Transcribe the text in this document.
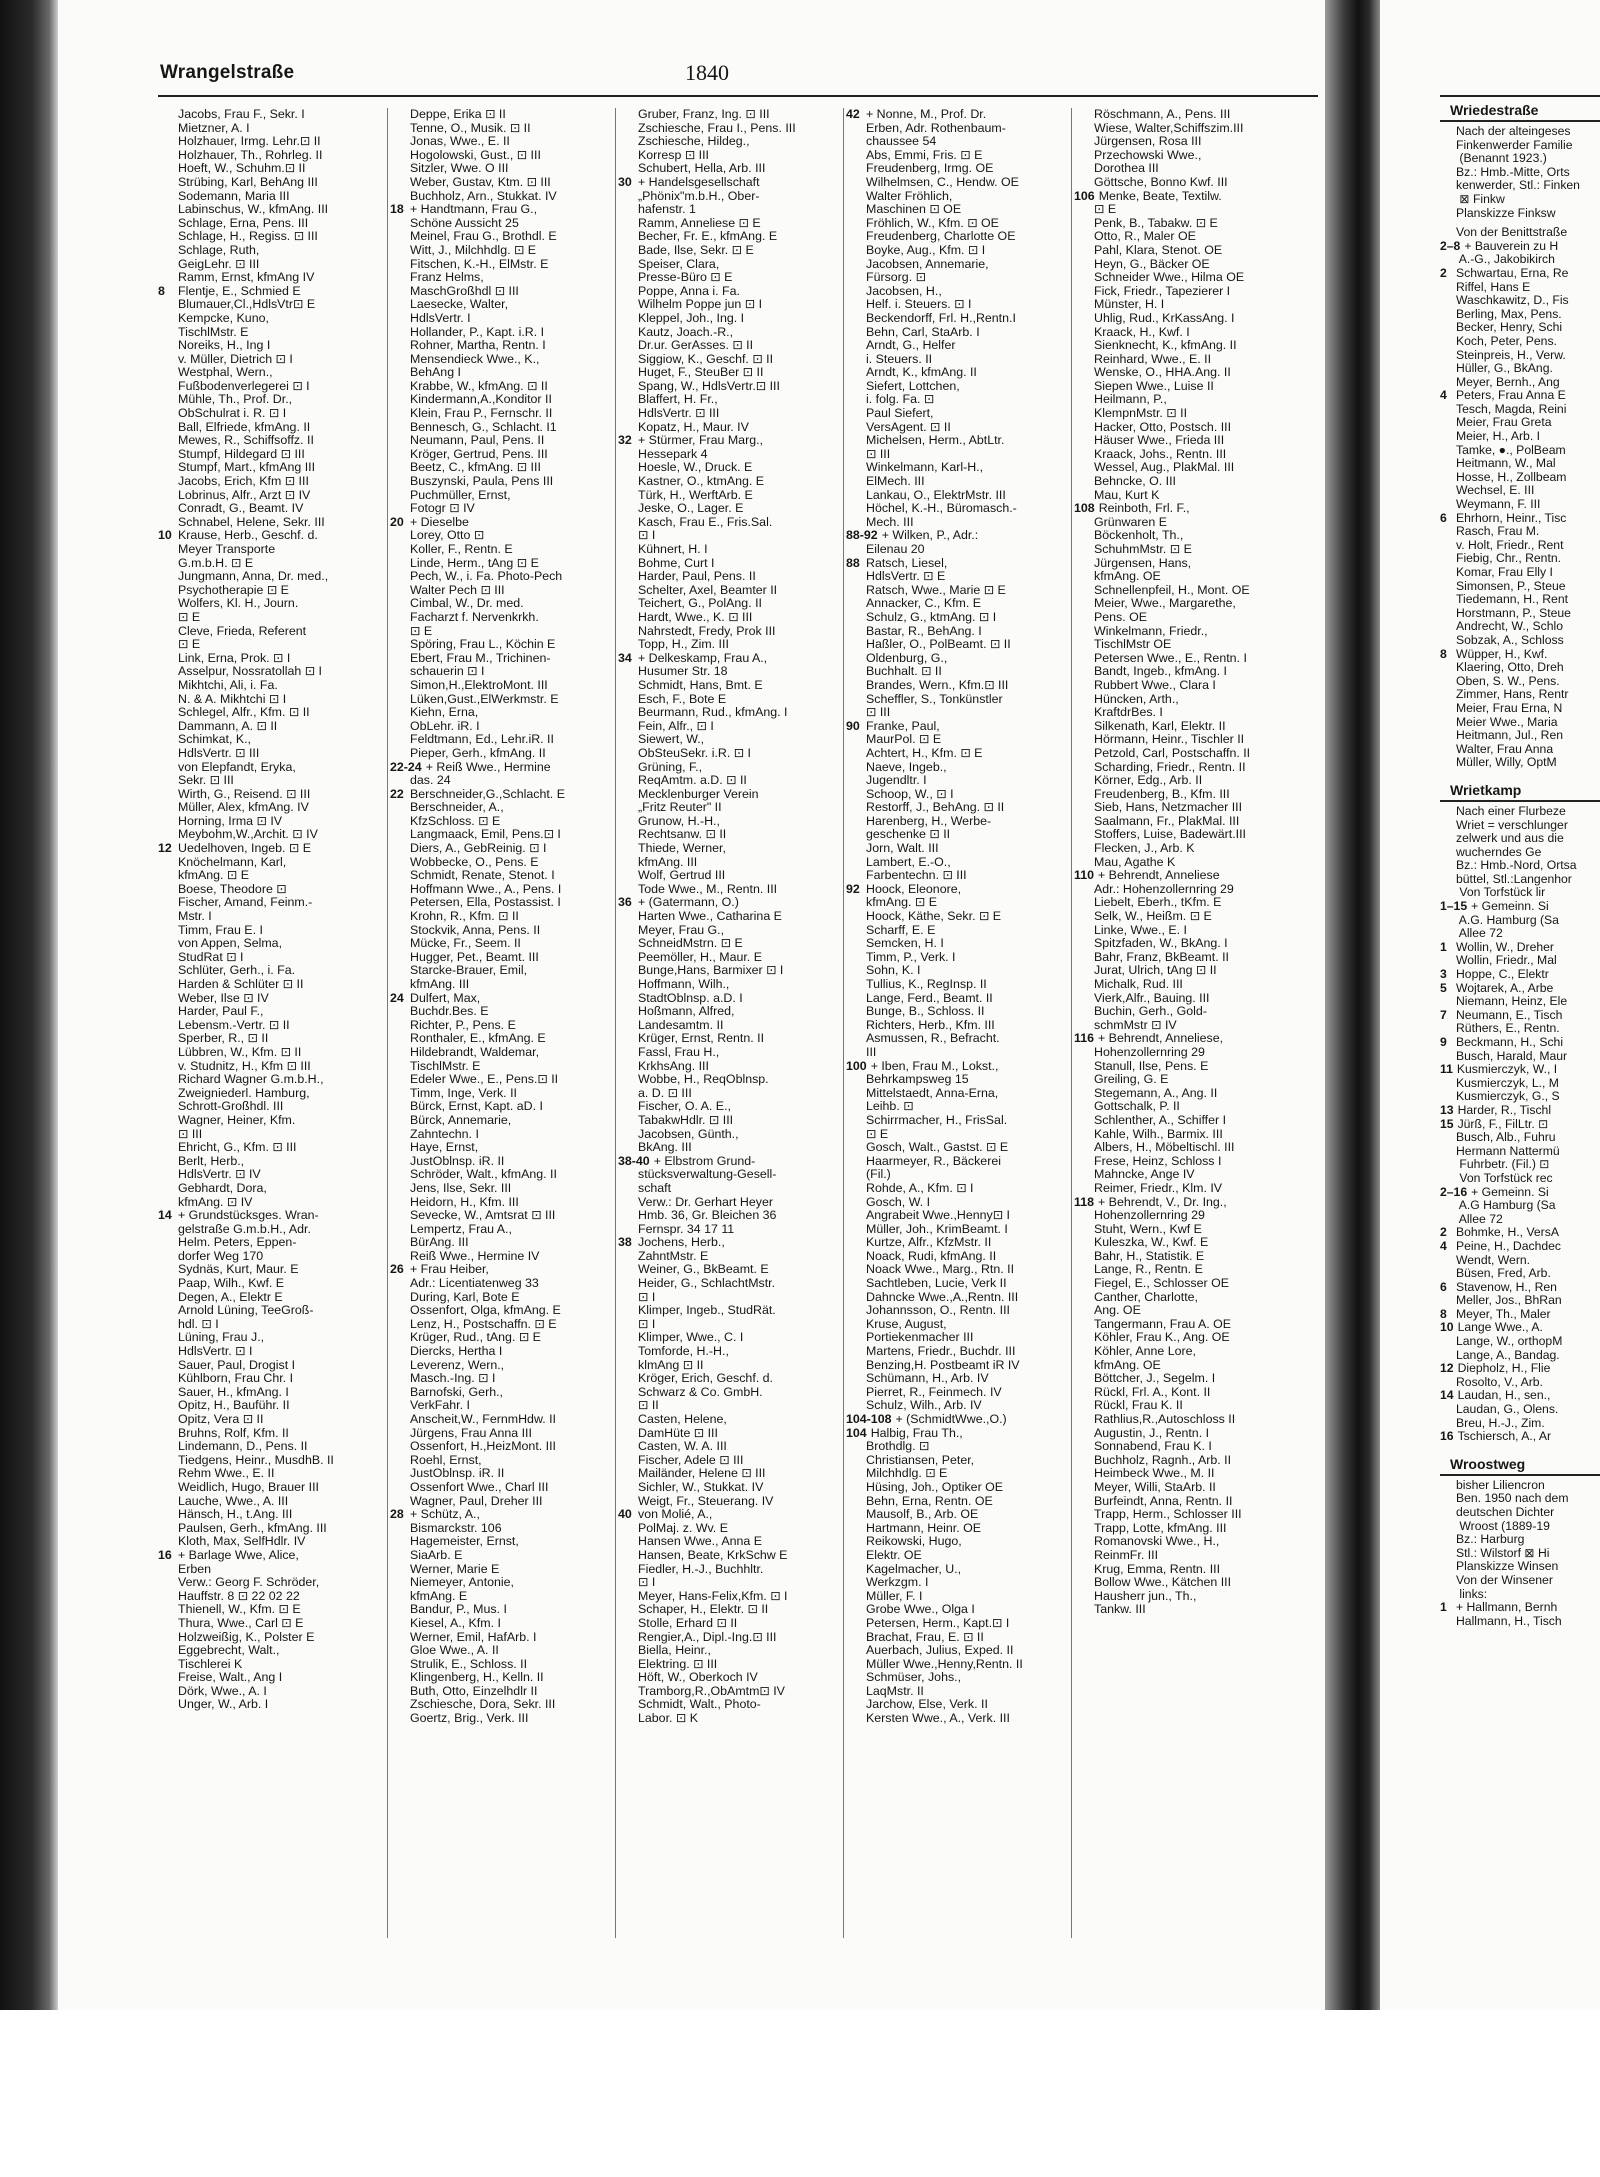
Wriedestraße
Nach der alteingeses
Finkenwerder Familie
(Benannt 1923.)
Bz.: Hmb.-Mitte, Orts
kenwerder, Stl.: Finken
⊠ Finkw
Planskizze Finksw
Von der Benittstraße
2–8 + Bauverein zu H
A.-G., Jakobikirch
2 Schwartau, Erna, Re
Riffel, Hans E
Waschkawitz, D., Fis
Berling, Max, Pens.
Becker, Henry, Schi
Koch, Peter, Pens.
Steinpreis, H., Verw.
Hüller, G., BkAng.
Meyer, Bernh., Ang
4 Peters, Frau Anna E
Tesch, Magda, Reini
Meier, Frau Greta
Meier, H., Arb. I
Tamke, ●., PolBeam
Heitmann, W., Mal
Hosse, H., Zollbeam
Wechsel, E. III
Weymann, F. III
6 Ehrhorn, Heinr., Tisc
Rasch, Frau M.
v. Holt, Friedr., Rent
Fiebig, Chr., Rentn.
Komar, Frau Elly I
Simonsen, P., Steue
Tiedemann, H., Rent
Horstmann, P., Steue
Andrecht, W., Schlo
Sobzak, A., Schloss
8 Wüpper, H., Kwf.
Klaering, Otto, Dreh
Oben, S. W., Pens.
Zimmer, Hans, Rentr
Meier, Frau Erna, N
Meier Wwe., Maria
Heitmann, Jul., Ren
Walter, Frau Anna
Müller, Willy, OptM
Wrietkamp
Nach einer Flurbeze
Wriet = verschlunger
zelwerk und aus die
wucherndes Ge
Bz.: Hmb.-Nord, Ortsa
büttel, Stl.:Langenhor
Von Torfstück lir
1–15 + Gemeinn. Si
A.G. Hamburg (Sa
Allee 72
1 Wollin, W., Dreher
Wollin, Friedr., Mal
3 Hoppe, C., Elektr
5 Wojtarek, A., Arbe
Niemann, Heinz, Ele
7 Neumann, E., Tisch
Rüthers, E., Rentn.
9 Beckmann, H., Schi
Busch, Harald, Maur
11 Kusmierczyk, W., I
Kusmierczyk, L., M
Kusmierczyk, G., S
13 Harder, R., Tischl
15 Jürß, F., FilLtr. ⊡
Busch, Alb., Fuhru
Hermann Nattermü
Fuhrbetr. (Fil.) ⊡
Von Torfstück rec
2–16 + Gemeinn. Si
A.G Hamburg (Sa
Allee 72
2 Bohmke, H., VersA
4 Peine, H., Dachdec
Wendt, Wern.
Büsen, Fred, Arb.
6 Stavenow, H., Ren
Meller, Jos., BhRan
8 Meyer, Th., Maler
10 Lange Wwe., A.
Lange, W., orthopM
Lange, A., Bandag.
12 Diepholz, H., Flie
Rosolto, V., Arb.
14 Laudan, H., sen.,
Laudan, G., Olens.
Breu, H.-J., Zim.
16 Tschiersch, A., Ar
Wroostweg
bisher Liliencron
Ben. 1950 nach dem
deutschen Dichter
Wroost (1889-19
Bz.: Harburg
Stl.: Wilstorf ⊠ Hi
Planskizze Winsen
Von der Winsener
links:
1 + Hallmann, Bernh
Hallmann, H., Tisch
Wrangelstraße	1840
Jacobs, Frau F., Sekr. I
Mietzner, A. I
Holzhauer, Irmg. Lehr.⊡ II
Holzhauer, Th., Rohrleg. II
Hoeft, W., Schuhm.⊡ II
Strübing, Karl, BehAng III
Sodemann, Maria III
Labinschus, W., kfmAng. III
Schlage, Erna, Pens. III
Schlage, H., Regiss. ⊡ III
Schlage, Ruth,
GeigLehr. ⊡ III
Ramm, Ernst, kfmAng IV
8	Flentje, E., Schmied E
Blumauer,Cl.,HdlsVtr⊡ E
Kempcke, Kuno,
TischlMstr. E
Noreiks, H., Ing I
v. Müller, Dietrich ⊡ I
Westphal, Wern.,
Fußbodenverlegerei ⊡ I
Mühle, Th., Prof. Dr.,
ObSchulrat i. R. ⊡ I
Ball, Elfriede, kfmAng. II
Mewes, R., Schiffsoffz. II
Stumpf, Hildegard ⊡ III
Stumpf, Mart., kfmAng III
Jacobs, Erich, Kfm ⊡ III
Lobrinus, Alfr., Arzt ⊡ IV
Conradt, G., Beamt. IV
Schnabel, Helene, Sekr. III
10 Krause, Herb., Geschf. d.
Meyer Transporte
G.m.b.H. ⊡ E
Jungmann, Anna, Dr. med.,
Psychotherapie ⊡ E
Wolfers, Kl. H., Journ.
⊡ E
Cleve, Frieda, Referent
⊡ E
Link, Erna, Prok. ⊡ I
Asselpur, Nossratollah ⊡ I
Mikhtchi, Ali, i. Fa.
N. & A. Mikhtchi ⊡ I
Schlegel, Alfr., Kfm. ⊡ II
Dammann, A. ⊡ II
Schimkat, K.,
HdlsVertr. ⊡ III
von Elepfandt, Eryka,
Sekr. ⊡ III
Wirth, G., Reisend. ⊡ III
Müller, Alex, kfmAng. IV
Horning, Irma ⊡ IV
Meybohm,W.,Archit. ⊡ IV
12 Uedelhoven, Ingeb. ⊡ E
Knöchelmann, Karl,
kfmAng. ⊡ E
Boese, Theodore ⊡
Fischer, Amand, Feinm.-
Mstr. I
Timm, Frau E. I
von Appen, Selma,
StudRat ⊡ I
Schlüter, Gerh., i. Fa.
Harden & Schlüter ⊡ II
Weber, Ilse ⊡ IV
Harder, Paul F.,
Lebensm.-Vertr. ⊡ II
Sperber, R., ⊡ II
Lübbren, W., Kfm. ⊡ II
v. Studnitz, H., Kfm ⊡ III
Richard Wagner G.m.b.H.,
Zweigniederl. Hamburg,
Schrott-Großhdl. III
Wagner, Heiner, Kfm.
⊡ III
Ehricht, G., Kfm. ⊡ III
Berlt, Herb.,
HdlsVertr. ⊡ IV
Gebhardt, Dora,
kfmAng. ⊡ IV
14 + Grundstücksges. Wran-
gelstraße G.m.b.H., Adr.
Helm. Peters, Eppen-
dorfer Weg 170
Sydnäs, Kurt, Maur. E
Paap, Wilh., Kwf. E
Degen, A., Elektr E
Arnold Lüning, TeeGroß-
hdl. ⊡ I
Lüning, Frau J.,
HdlsVertr. ⊡ I
Sauer, Paul, Drogist I
Kühlborn, Frau Chr. I
Sauer, H., kfmAng. I
Opitz, H., Bauführ. II
Opitz, Vera ⊡ II
Bruhns, Rolf, Kfm. II
Lindemann, D., Pens. II
Tiedgens, Heinr., MusdhB. II
Rehm Wwe., E. II
Weidlich, Hugo, Brauer III
Lauche, Wwe., A. III
Hänsch, H., t.Ang. III
Paulsen, Gerh., kfmAng. III
Kloth, Max, SelfHdlr. IV
16 + Barlage Wwe, Alice,
Erben
Verw.: Georg F. Schröder,
Hauffstr. 8 ⊡ 22 02 22
Thienell, W., Kfm. ⊡ E
Thura, Wwe., Carl ⊡ E
Holzweißig, K., Polster E
Eggebrecht, Walt.,
Tischlerei K
Freise, Walt., Ang I
Dörk, Wwe., A. I
Unger, W., Arb. I
Deppe, Erika ⊡ II
Tenne, O., Musik. ⊡ II
Jonas, Wwe., E. II
Hogolowski, Gust., ⊡ III
Sitzler, Wwe. O III
Weber, Gustav, Ktm. ⊡ III
Buchholz, Arn., Stukkat. IV
18 + Handtmann, Frau G.,
Schöne Aussicht 25
Meinel, Frau G., Brothdl. E
Witt, J., Milchhdlg. ⊡ E
Fitschen, K.-H., ElMstr. E
Franz Helms,
MaschGroßhdl ⊡ III
Laesecke, Walter,
HdlsVertr. I
Hollander, P., Kapt. i.R. I
Rohner, Martha, Rentn. I
Mensendieck Wwe., K.,
BehAng I
Krabbe, W., kfmAng. ⊡ II
Kindermann,A.,Konditor II
Klein, Frau P., Fernschr. II
Bennesch, G., Schlacht. I1
Neumann, Paul, Pens. II
Kröger, Gertrud, Pens. III
Beetz, C., kfmAng. ⊡ III
Buszynski, Paula, Pens III
Puchmüller, Ernst,
Fotogr ⊡ IV
20 + Dieselbe
Lorey, Otto ⊡
Koller, F., Rentn. E
Linde, Herm., tAng ⊡ E
Pech, W., i. Fa. Photo-Pech
Walter Pech ⊡ III
Cimbal, W., Dr. med.
Facharzt f. Nervenkrkh.
⊡ E
Spöring, Frau L., Köchin E
Ebert, Frau M., Trichinen-
schauerin ⊡ I
Simon,H.,ElektroMont. III
Lüken,Gust.,ElWerkmstr. E
Kiehn, Erna,
ObLehr. iR. I
Feldtmann, Ed., Lehr.iR. II
Pieper, Gerh., kfmAng. II
22-24 + Reiß Wwe., Hermine
das. 24
22 Berschneider,G.,Schlacht. E
Berschneider, A.,
KfzSchloss. ⊡ E
Langmaack, Emil, Pens.⊡ I
Diers, A., GebReinig. ⊡ I
Wobbecke, O., Pens. E
Schmidt, Renate, Stenot. I
Hoffmann Wwe., A., Pens. I
Petersen, Ella, Postassist. I
Krohn, R., Kfm. ⊡ II
Stockvik, Anna, Pens. II
Mücke, Fr., Seem. II
Hugger, Pet., Beamt. III
Starcke-Brauer, Emil,
kfmAng. III
24 Dulfert, Max,
Buchdr.Bes. E
Richter, P., Pens. E
Ronthaler, E., kfmAng. E
Hildebrandt, Waldemar,
TischlMstr. E
Edeler Wwe., E., Pens.⊡ II
Timm, Inge, Verk. II
Bürck, Ernst, Kapt. aD. I
Bürck, Annemarie,
Zahntechn. I
Haye, Ernst,
JustOblnsp. iR. II
Schröder, Walt., kfmAng. II
Jens, Ilse, Sekr. III
Heidorn, H., Kfm. III
Sevecke, W., Amtsrat ⊡ III
Lempertz, Frau A.,
BürAng. III
Reiß Wwe., Hermine IV
26 + Frau Heiber,
Adr.: Licentiatenweg 33
During, Karl, Bote E
Ossenfort, Olga, kfmAng. E
Lenz, H., Postschaffn. ⊡ E
Krüger, Rud., tAng. ⊡ E
Diercks, Hertha I
Leverenz, Wern.,
Masch.-Ing. ⊡ I
Barnofski, Gerh.,
VerkFahr. I
Anscheit,W., FernmHdw. II
Jürgens, Frau Anna III
Ossenfort, H.,HeizMont. III
Roehl, Ernst,
JustOblnsp. iR. II
Ossenfort Wwe., Charl III
Wagner, Paul, Dreher III
28 + Schütz, A.,
Bismarckstr. 106
Hagemeister, Ernst,
SiaArb. E
Werner, Marie E
Niemeyer, Antonie,
kfmAng. E
Bandur, P., Mus. I
Kiesel, A., Kfm. I
Werner, Emil, HafArb. I
Gloe Wwe., A. II
Strulik, E., Schloss. II
Klingenberg, H., Kelln. II
Buth, Otto, Einzelhdlr II
Zschiesche, Dora, Sekr. III
Goertz, Brig., Verk. III
Gruber, Franz, Ing. ⊡ III
Zschiesche, Frau I., Pens. III
Zschiesche, Hildeg.,
Korresp ⊡ III
Schubert, Hella, Arb. III
30 + Handelsgesellschaft
„Phönix"m.b.H., Ober-
hafenstr. 1
Ramm, Anneliese ⊡ E
Becher, Fr. E., kfmAng. E
Bade, Ilse, Sekr. ⊡ E
Speiser, Clara,
Presse-Büro ⊡ E
Poppe, Anna i. Fa.
Wilhelm Poppe jun ⊡ I
Kleppel, Joh., Ing. I
Kautz, Joach.-R.,
Dr.ur. GerAsses. ⊡ II
Siggiow, K., Geschf. ⊡ II
Huget, F., SteuBer ⊡ II
Spang, W., HdlsVertr.⊡ III
Blaffert, H. Fr.,
HdlsVertr. ⊡ III
Kopatz, H., Maur. IV
32 + Stürmer, Frau Marg.,
Hessepark 4
Hoesle, W., Druck. E
Kastner, O., ktmAng. E
Türk, H., WerftArb. E
Jeske, O., Lager. E
Kasch, Frau E., Fris.Sal.
⊡ I
Kühnert, H. I
Bohme, Curt I
Harder, Paul, Pens. II
Schelter, Axel, Beamter II
Teichert, G., PolAng. II
Hardt, Wwe., K. ⊡ III
Nahrstedt, Fredy, Prok III
Topp, H., Zim. III
34 + Delkeskamp, Frau A.,
Husumer Str. 18
Schmidt, Hans, Bmt. E
Esch, F., Bote E
Beurmann, Rud., kfmAng. I
Fein, Alfr., ⊡ I
Siewert, W.,
ObSteuSekr. i.R. ⊡ I
Grüning, F.,
ReqAmtm. a.D. ⊡ II
Mecklenburger Verein
„Fritz Reuter" II
Grunow, H.-H.,
Rechtsanw. ⊡ II
Thiede, Werner,
kfmAng. III
Wolf, Gertrud III
Tode Wwe., M., Rentn. III
36 + (Gatermann, O.)
Harten Wwe., Catharina E
Meyer, Frau G.,
SchneidMstrn. ⊡ E
Peemöller, H., Maur. E
Bunge,Hans, Barmixer ⊡ I
Hoffmann, Wilh.,
StadtOblnsp. a.D. I
Hoßmann, Alfred,
Landesamtm. II
Krüger, Ernst, Rentn. II
Fassl, Frau H.,
KrkhsAng. III
Wobbe, H., ReqOblnsp.
a. D. ⊡ III
Fischer, O. A. E.,
TabakwHdlr. ⊡ III
Jacobsen, Günth.,
BkAng. III
38-40 + Elbstrom Grund-
stücksverwaltung-Gesell-
schaft
Verw.: Dr. Gerhart Heyer
Hmb. 36, Gr. Bleichen 36
Fernspr. 34 17 11
38 Jochens, Herb.,
ZahntMstr. E
Weiner, G., BkBeamt. E
Heider, G., SchlachtMstr.
⊡ I
Klimper, Ingeb., StudRät.
⊡ I
Klimper, Wwe., C. I
Tomforde, H.-H.,
klmAng ⊡ II
Kröger, Erich, Geschf. d.
Schwarz & Co. GmbH.
⊡ II
Casten, Helene,
DamHüte ⊡ III
Casten, W. A. III
Fischer, Adele ⊡ III
Mailänder, Helene ⊡ III
Sichler, W., Stukkat. IV
Weigt, Fr., Steuerang. IV
40 von Molié, A.,
PolMaj. z. Wv. E
Hansen Wwe., Anna E
Hansen, Beate, KrkSchw E
Fiedler, H.-J., Buchhltr.
⊡ I
Meyer, Hans-Felix,Kfm. ⊡ I
Schaper, H., Elektr. ⊡ II
Stolle, Erhard ⊡ II
Rengier,A., Dipl.-Ing.⊡ III
Biella, Heinr.,
Elektring. ⊡ III
Höft, W., Oberkoch IV
Tramborg,R.,ObAmtm⊡ IV
Schmidt, Walt., Photo-
Labor. ⊡ K
42 + Nonne, M., Prof. Dr.
Erben, Adr. Rothenbaum-
chaussee 54
Abs, Emmi, Fris. ⊡ E
Freudenberg, Irmg. OE
Wilhelmsen, C., Hendw. OE
Walter Fröhlich,
Maschinen ⊡ OE
Fröhlich, W., Kfm. ⊡ OE
Freudenberg, Charlotte OE
Boyke, Aug., Kfm. ⊡ I
Jacobsen, Annemarie,
Fürsorg. ⊡
Jacobsen, H.,
Helf. i. Steuers. ⊡ I
Beckendorff, Frl. H.,Rentn.I
Behn, Carl, StaArb. I
Arndt, G., Helfer
i. Steuers. II
Arndt, K., kfmAng. II
Siefert, Lottchen,
i. folg. Fa. ⊡
Paul Siefert,
VersAgent. ⊡ II
Michelsen, Herm., AbtLtr.
⊡ III
Winkelmann, Karl-H.,
ElMech. III
Lankau, O., ElektrMstr. III
Höchel, K.-H., Büromasch.-
Mech. III
88-92 + Wilken, P., Adr.:
Eilenau 20
88 Ratsch, Liesel,
HdlsVertr. ⊡ E
Ratsch, Wwe., Marie ⊡ E
Annacker, C., Kfm. E
Schulz, G., ktmAng. ⊡ I
Bastar, R., BehAng. I
Haßler, O., PolBeamt. ⊡ II
Oldenburg, G.,
Buchhalt. ⊡ II
Brandes, Wern., Kfm.⊡ III
Scheffler, S., Tonkünstler
⊡ III
90 Franke, Paul,
MaurPol. ⊡ E
Achtert, H., Kfm. ⊡ E
Naeve, Ingeb.,
Jugendltr. I
Schoop, W., ⊡ I
Restorff, J., BehAng. ⊡ II
Harenberg, H., Werbe-
geschenke ⊡ II
Jorn, Walt. III
Lambert, E.-O.,
Farbentechn. ⊡ III
92 Hoock, Eleonore,
kfmAng. ⊡ E
Hoock, Käthe, Sekr. ⊡ E
Scharff, E. E
Semcken, H. I
Timm, P., Verk. I
Sohn, K. I
Tullius, K., RegInsp. II
Lange, Ferd., Beamt. II
Bunge, B., Schloss. II
Richters, Herb., Kfm. III
Asmussen, R., Befracht.
III
100 + Iben, Frau M., Lokst.,
Behrkampsweg 15
Mittelstaedt, Anna-Erna,
Leihb. ⊡
Schirrmacher, H., FrisSal.
⊡ E
Gosch, Walt., Gastst. ⊡ E
Haarmeyer, R., Bäckerei
(Fil.)
Rohde, A., Kfm. ⊡ I
Gosch, W. I
Angrabeit Wwe.,Henny⊡ I
Müller, Joh., KrimBeamt. I
Kurtze, Alfr., KfzMstr. II
Noack, Rudi, kfmAng. II
Noack Wwe., Marg., Rtn. II
Sachtleben, Lucie, Verk II
Dahncke Wwe.,A.,Rentn. III
Johannsson, O., Rentn. III
Kruse, August,
Portiekenmacher III
Martens, Friedr., Buchdr. III
Benzing,H. Postbeamt iR IV
Schümann, H., Arb. IV
Pierret, R., Feinmech. IV
Schulz, Wilh., Arb. IV
104-108 + (SchmidtWwe.,O.)
104 Halbig, Frau Th.,
Brothdlg. ⊡
Christiansen, Peter,
Milchhdlg. ⊡ E
Hüsing, Joh., Optiker OE
Behn, Erna, Rentn. OE
Mausolf, B., Arb. OE
Hartmann, Heinr. OE
Reikowski, Hugo,
Elektr. OE
Kagelmacher, U.,
Werkzgm. I
Müller, F. I
Grobe Wwe., Olga I
Petersen, Herm., Kapt.⊡ I
Brachat, Frau, E. ⊡ II
Auerbach, Julius, Exped. II
Müller Wwe.,Henny,Rentn. II
Schmüser, Johs.,
LaqMstr. II
Jarchow, Else, Verk. II
Kersten Wwe., A., Verk. III
Röschmann, A., Pens. III
Wiese, Walter,Schiffszim.III
Jürgensen, Rosa III
Przechowski Wwe.,
Dorothea III
Göttsche, Bonno Kwf. III
106 Menke, Beate, Textilw.
⊡ E
Penk, B., Tabakw. ⊡ E
Otto, R., Maler OE
Pahl, Klara, Stenot. OE
Heyn, G., Bäcker OE
Schneider Wwe., Hilma OE
Fick, Friedr., Tapezierer I
Münster, H. I
Uhlig, Rud., KrKassAng. I
Kraack, H., Kwf. I
Sienknecht, K., kfmAng. II
Reinhard, Wwe., E. II
Wenske, O., HHA.Ang. II
Siepen Wwe., Luise II
Heilmann, P.,
KlempnMstr. ⊡ II
Hacker, Otto, Postsch. III
Häuser Wwe., Frieda III
Kraack, Johs., Rentn. III
Wessel, Aug., PlakMal. III
Behncke, O. III
Mau, Kurt K
108 Reinboth, Frl. F.,
Grünwaren E
Böckenholt, Th.,
SchuhmMstr. ⊡ E
Jürgensen, Hans,
kfmAng. OE
Schnellenpfeil, H., Mont. OE
Meier, Wwe., Margarethe,
Pens. OE
Winkelmann, Friedr.,
TischlMstr OE
Petersen Wwe., E., Rentn. I
Bandt, Ingeb., kfmAng. I
Rubbert Wwe., Clara I
Hüncken, Arth.,
KraftdrBes. I
Silkenath, Karl, Elektr. II
Hörmann, Heinr., Tischler II
Petzold, Carl, Postschaffn. II
Scharding, Friedr., Rentn. II
Körner, Edg., Arb. II
Freudenberg, B., Kfm. III
Sieb, Hans, Netzmacher III
Saalmann, Fr., PlakMal. III
Stoffers, Luise, Badewärt.III
Flecken, J., Arb. K
Mau, Agathe K
110 + Behrendt, Anneliese
Adr.: Hohenzollernring 29
Liebelt, Eberh., tKfm. E
Selk, W., Heißm. ⊡ E
Linke, Wwe., E. I
Spitzfaden, W., BkAng. I
Bahr, Franz, BkBeamt. II
Jurat, Ulrich, tAng ⊡ II
Michalk, Rud. III
Vierk,Alfr., Bauing. III
Buchin, Gerh., Gold-
schmMstr ⊡ IV
116 + Behrendt, Anneliese,
Hohenzollernring 29
Stanull, Ilse, Pens. E
Greiling, G. E
Stegemann, A., Ang. II
Gottschalk, P. II
Schlenther, A., Schiffer I
Kahle, Wilh., Barmix. III
Albers, H., Möbeltischl. III
Frese, Heinz, Schloss I
Mahncke, Ange IV
Reimer, Friedr., Klm. IV
118 + Behrendt, V., Dr. Ing.,
Hohenzollernring 29
Stuht, Wern., Kwf E
Kuleszka, W., Kwf. E
Bahr, H., Statistik. E
Lange, R., Rentn. E
Fiegel, E., Schlosser OE
Canther, Charlotte,
Ang. OE
Tangermann, Frau A. OE
Köhler, Frau K., Ang. OE
Köhler, Anne Lore,
kfmAng. OE
Böttcher, J., Segelm. I
Rückl, Frl. A., Kont. II
Rückl, Frau K. II
Rathlius,R.,Autoschloss II
Augustin, J., Rentn. I
Sonnabend, Frau K. I
Buchholz, Ragnh., Arb. II
Heimbeck Wwe., M. II
Meyer, Willi, StaArb. II
Burfeindt, Anna, Rentn. II
Trapp, Herm., Schlosser III
Trapp, Lotte, kfmAng. III
Romanovski Wwe., H.,
ReinmFr. III
Krug, Emma, Rentn. III
Bollow Wwe., Kätchen III
Hausherr jun., Th.,
Tankw. III
